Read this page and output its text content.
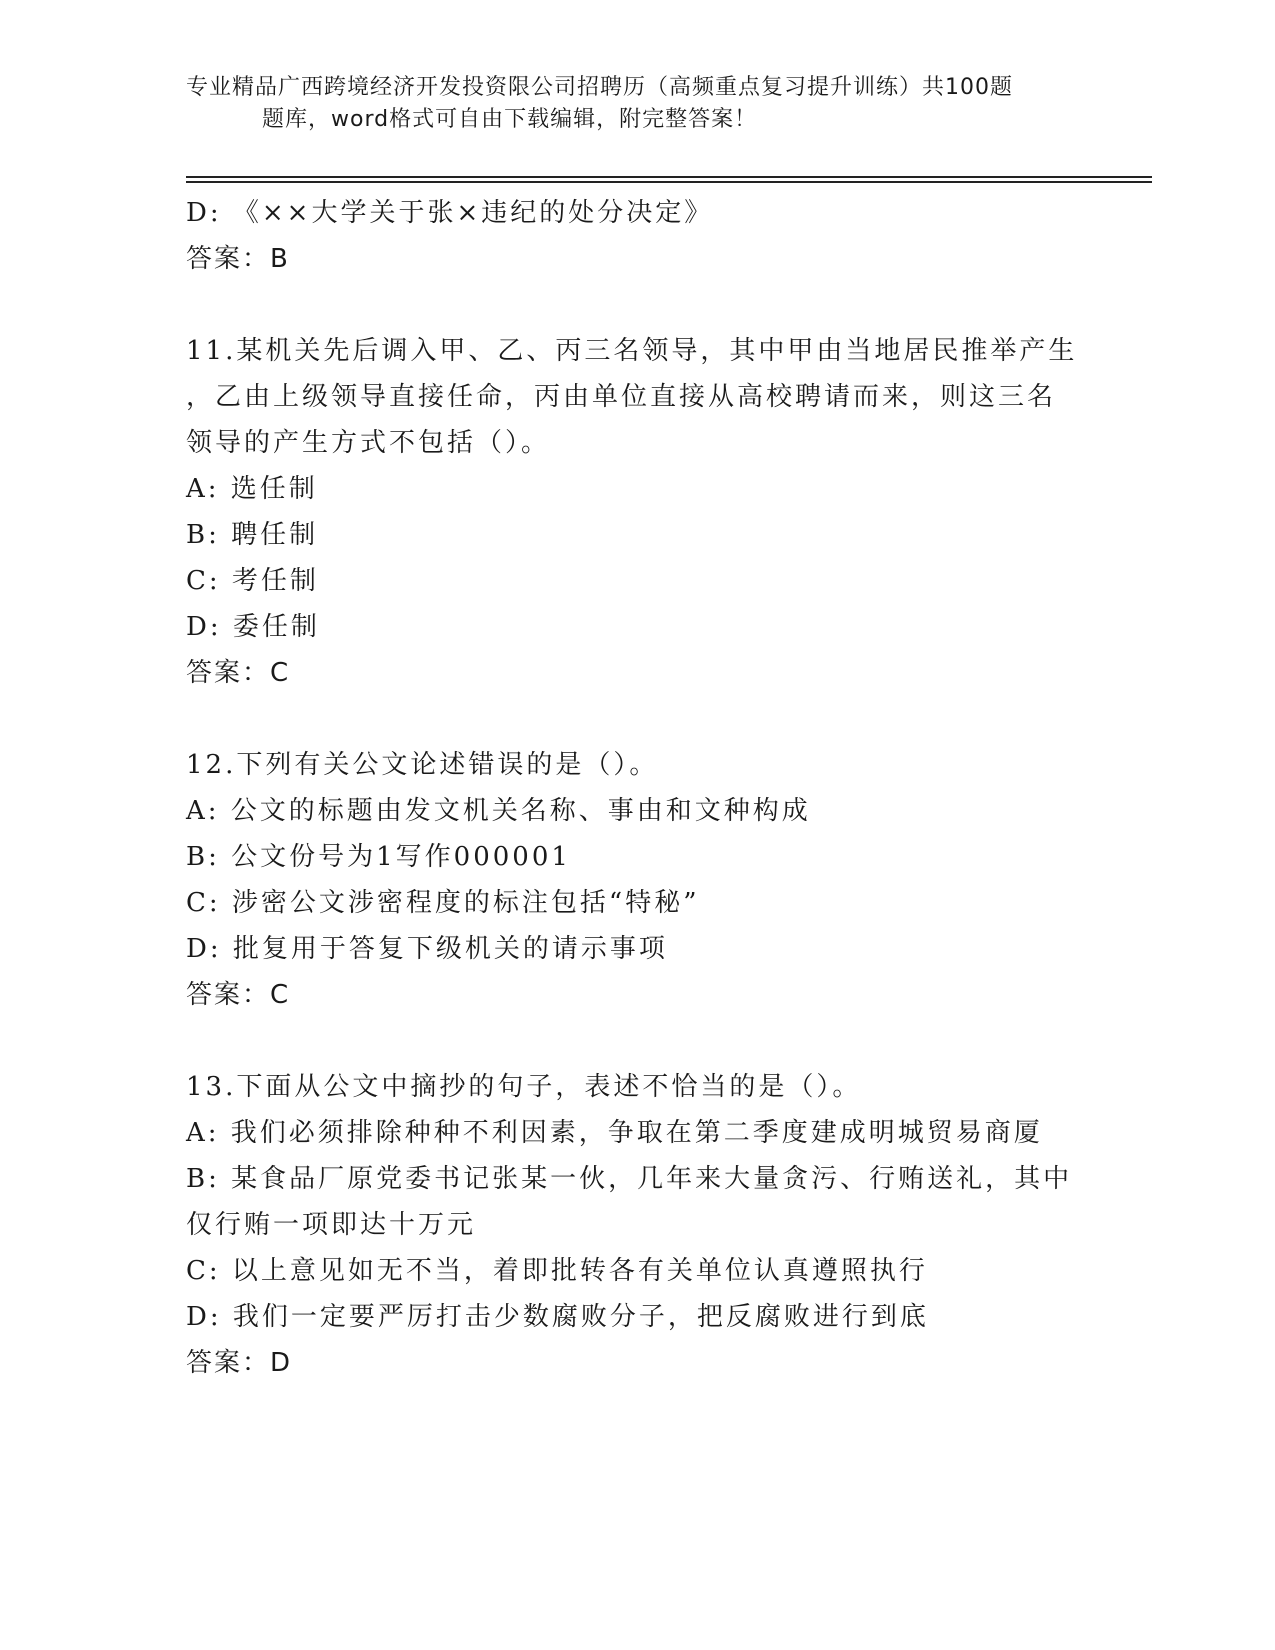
专业精品广西跨境经济开发投资限公司招聘历（高频重点复习提升训练）共100题
题库，word格式可自由下载编辑，附完整答案！
D: 《××大学关于张×违纪的处分决定》
答案：B
11.某机关先后调入甲、乙、丙三名领导，其中甲由当地居民推举产生
，乙由上级领导直接任命，丙由单位直接从高校聘请而来，则这三名
领导的产生方式不包括（）。
A: 选任制
B: 聘任制
C: 考任制
D: 委任制
答案：C
12.下列有关公文论述错误的是（）。
A: 公文的标题由发文机关名称、事由和文种构成
B: 公文份号为1写作000001
C: 涉密公文涉密程度的标注包括“特秘”
D: 批复用于答复下级机关的请示事项
答案：C
13.下面从公文中摘抄的句子，表述不恰当的是（）。
A: 我们必须排除种种不利因素，争取在第二季度建成明城贸易商厦
B: 某食品厂原党委书记张某一伙，几年来大量贪污、行贿送礼，其中
仅行贿一项即达十万元
C: 以上意见如无不当，着即批转各有关单位认真遵照执行
D: 我们一定要严厉打击少数腐败分子，把反腐败进行到底
答案：D
